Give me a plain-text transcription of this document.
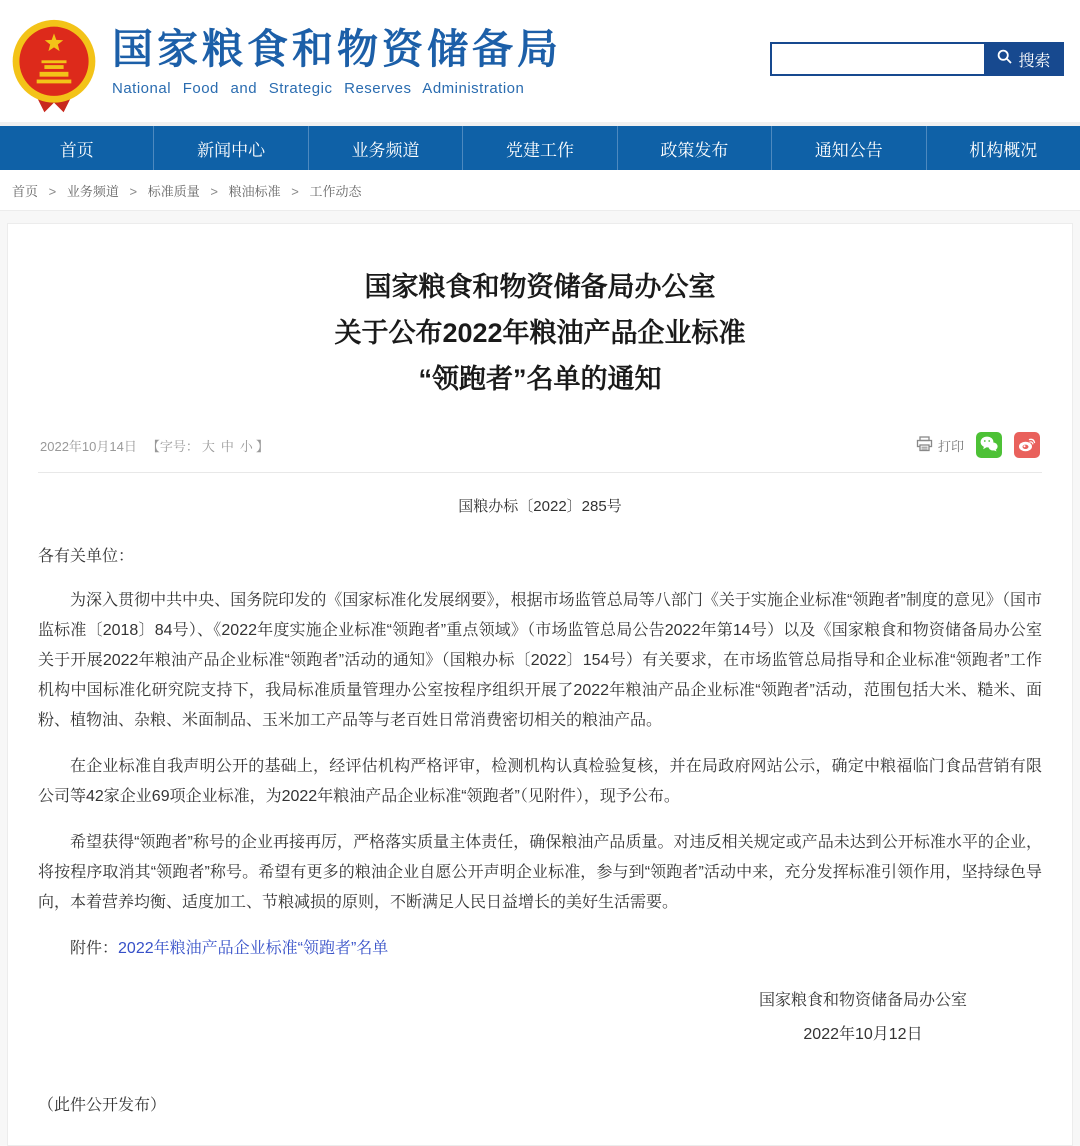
国家粮食和物资储备局
National Food and Strategic Reserves Administration
搜索
首页	新闻中心	业务频道	党建工作	政策发布	通知公告	机构概况
首页 > 业务频道 > 标准质量 > 粮油标准 > 工作动态
国家粮食和物资储备局办公室
关于公布2022年粮油产品企业标准
“领跑者”名单的通知
2022年10月14日 【字号： 大 中 小 】	打印
国粮办标〔2022〕285号

各有关单位：

为深入贯彻中共中央、国务院印发的《国家标准化发展纲要》，根据市场监管总局等八部门《关于实施企业标准“领跑者”制度的意见》（国市监标准〔2018〕84号）、《2022年度实施企业标准“领跑者”重点领域》（市场监管总局公告2022年第14号）以及《国家粮食和物资储备局办公室关于开展2022年粮油产品企业标准“领跑者”活动的通知》（国粮办标〔2022〕154号）有关要求，在市场监管总局指导和企业标准“领跑者”工作机构中国标准化研究院支持下，我局标准质量管理办公室按程序组织开展了2022年粮油产品企业标准“领跑者”活动，范围包括大米、糙米、面粉、植物油、杂粮、米面制品、玉米加工产品等与老百姓日常消费密切相关的粮油产品。

在企业标准自我声明公开的基础上，经评估机构严格评审，检测机构认真检验复核，并在局政府网站公示，确定中粮福临门食品营销有限公司等42家企业69项企业标准，为2022年粮油产品企业标准“领跑者”（见附件），现予公布。

希望获得“领跑者”称号的企业再接再厉，严格落实质量主体责任，确保粮油产品质量。对违反相关规定或产品未达到公开标准水平的企业，将按程序取消其“领跑者”称号。希望有更多的粮油企业自愿公开声明企业标准，参与到“领跑者”活动中来，充分发挥标准引领作用，坚持绿色导向，本着营养均衡、适度加工、节粮减损的原则，不断满足人民日益增长的美好生活需要。

附件：2022年粮油产品企业标准“领跑者”名单

国家粮食和物资储备局办公室
2022年10月12日

（此件公开发布）
